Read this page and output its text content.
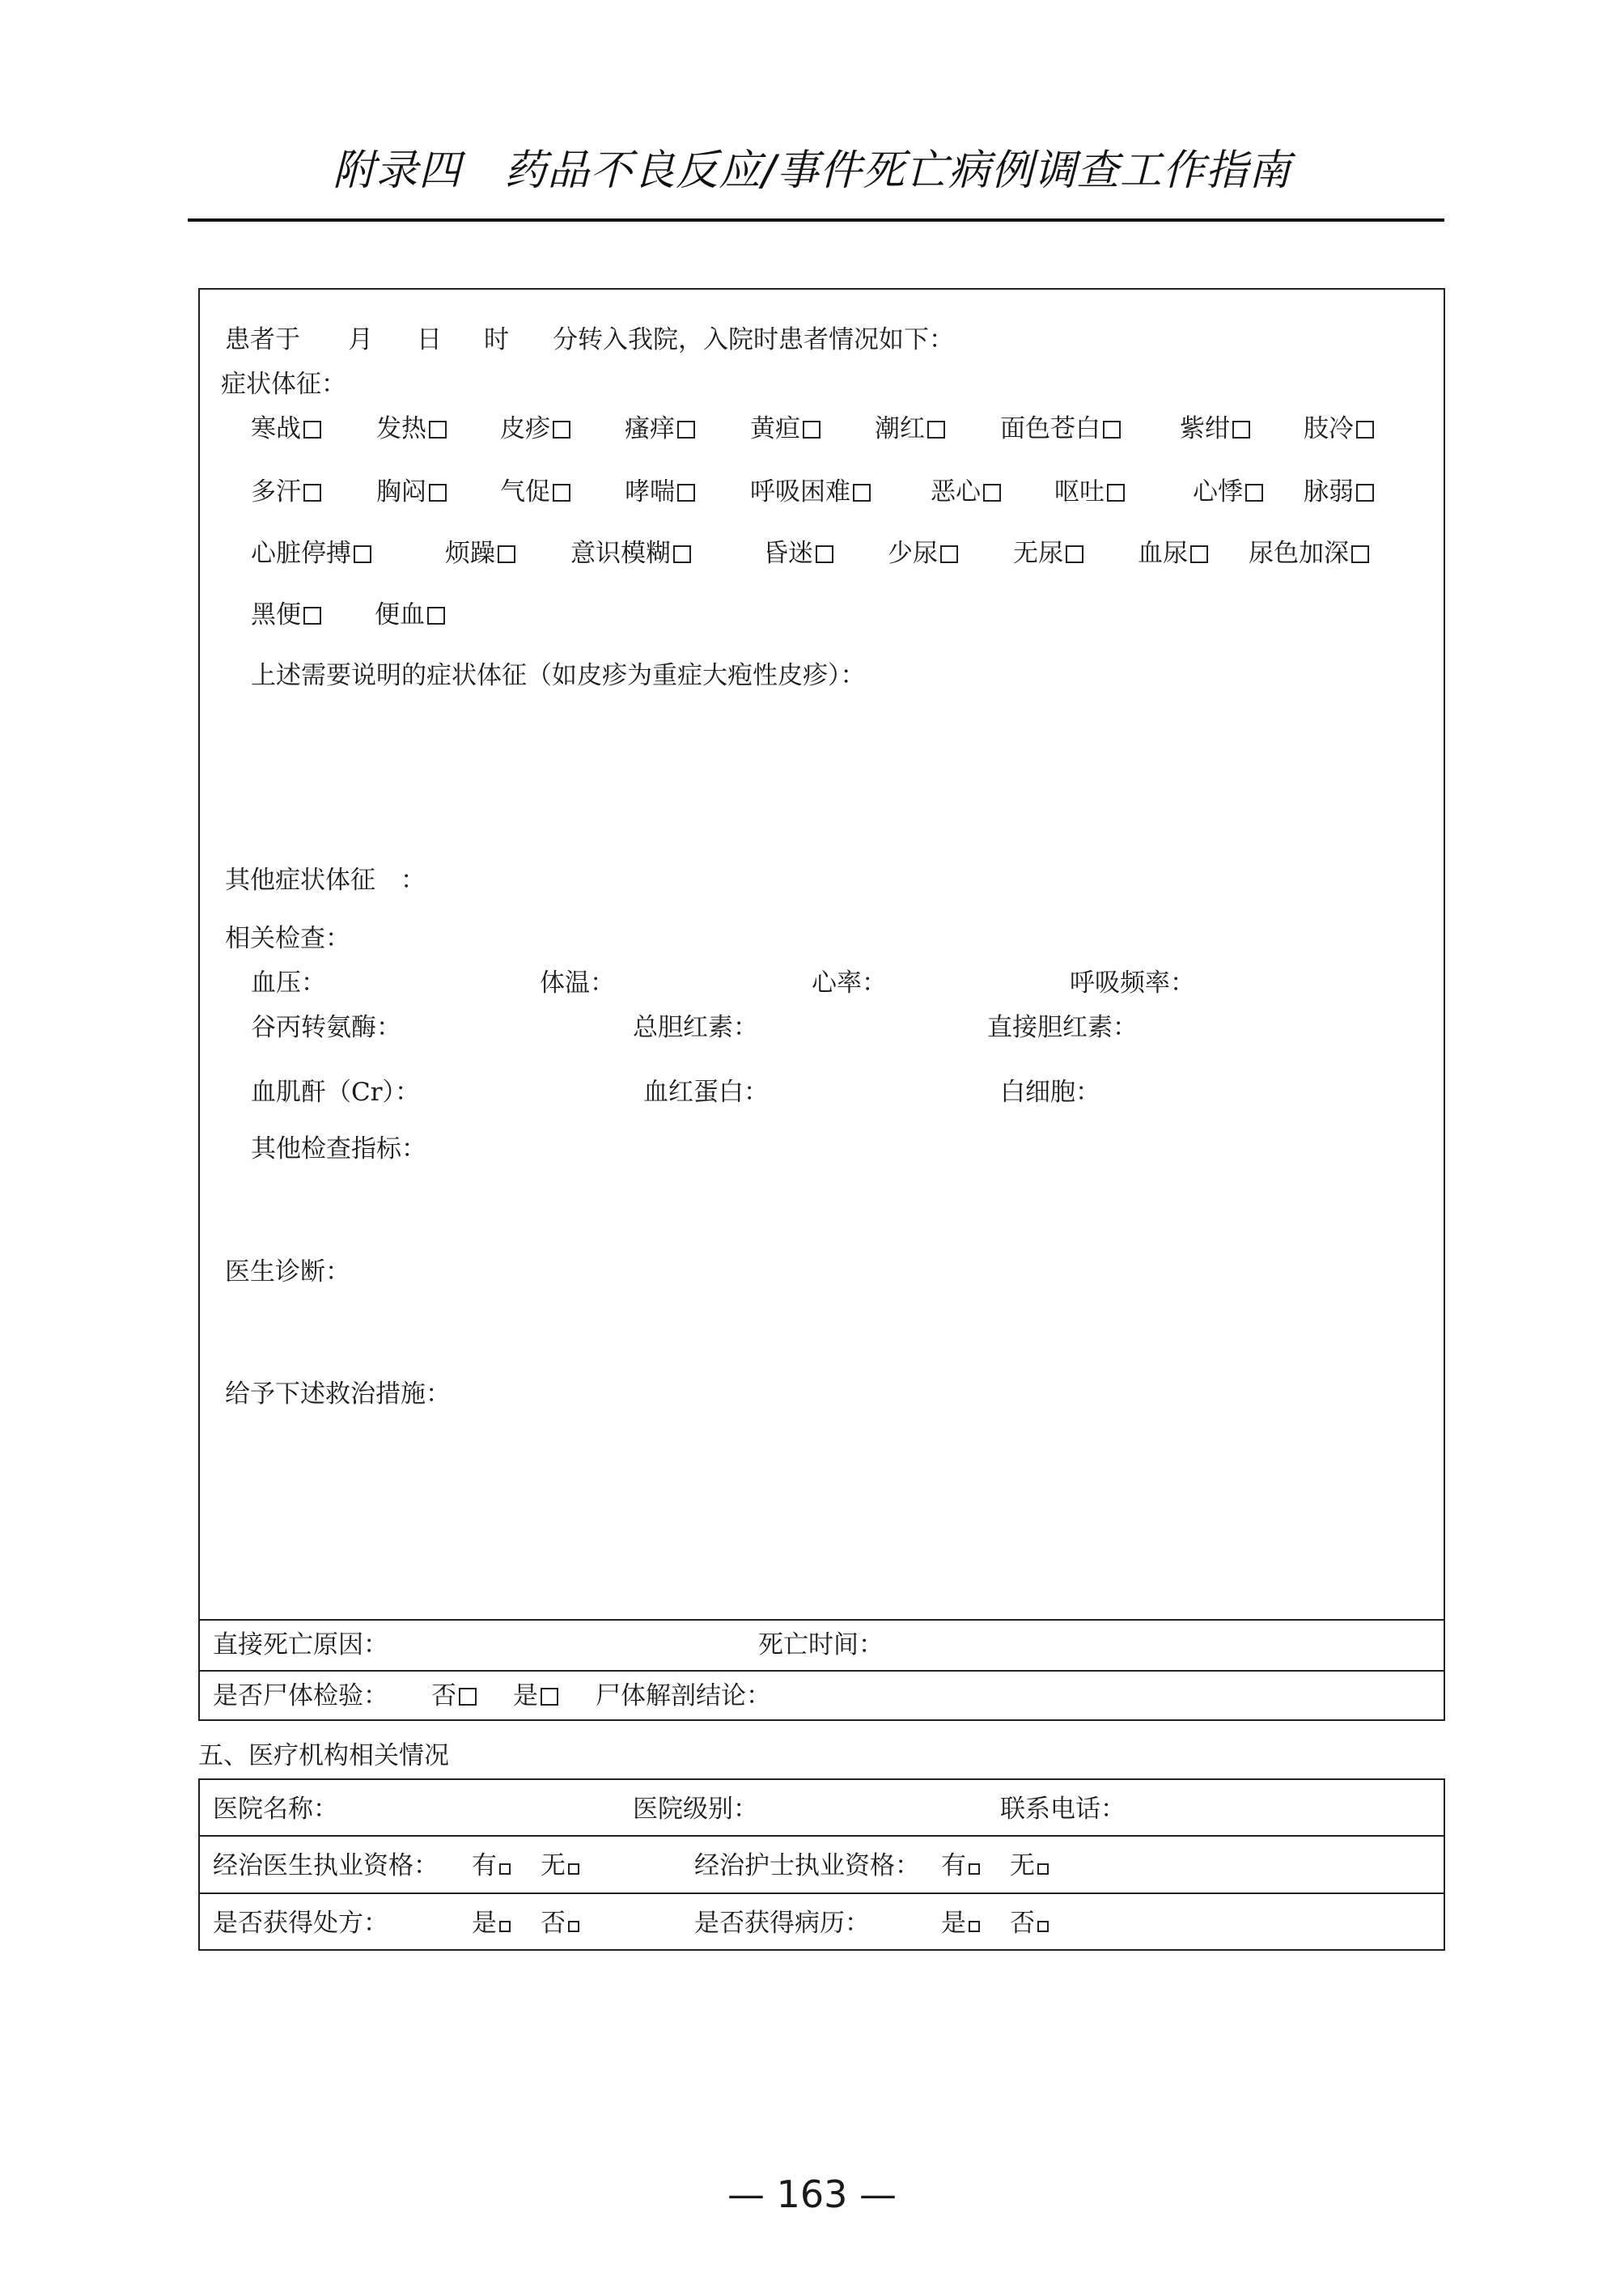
附录四　药品不良反应/事件死亡病例调查工作指南
患者于 月 日 时 分转入我院，入院时患者情况如下：
症状体征：
寒战	发热	皮疹	瘙痒	黄疸	潮红	面色苍白	紫绀	肢冷
多汗	胸闷	气促	哮喘	呼吸困难	恶心	呕吐	心悸	脉弱
心脏停搏	烦躁	意识模糊	昏迷	少尿	无尿	血尿	尿色加深
黑便	便血
上述需要说明的症状体征（如皮疹为重症大疱性皮疹）：
其他症状体征　：
相关检查：
血压：	体温：	心率：	呼吸频率：
谷丙转氨酶：	总胆红素：	直接胆红素：
血肌酐（Cr）：	血红蛋白：	白细胞：
其他检查指标：
医生诊断：
给予下述救治措施：
直接死亡原因：	死亡时间：
是否尸体检验： 否	是	尸体解剖结论：
五、医疗机构相关情况
医院名称：	医院级别：	联系电话：
经治医生执业资格： 有	无	经治护士执业资格： 有	无
是否获得处方：	是	否	是否获得病历：	是	否
— 163 —
